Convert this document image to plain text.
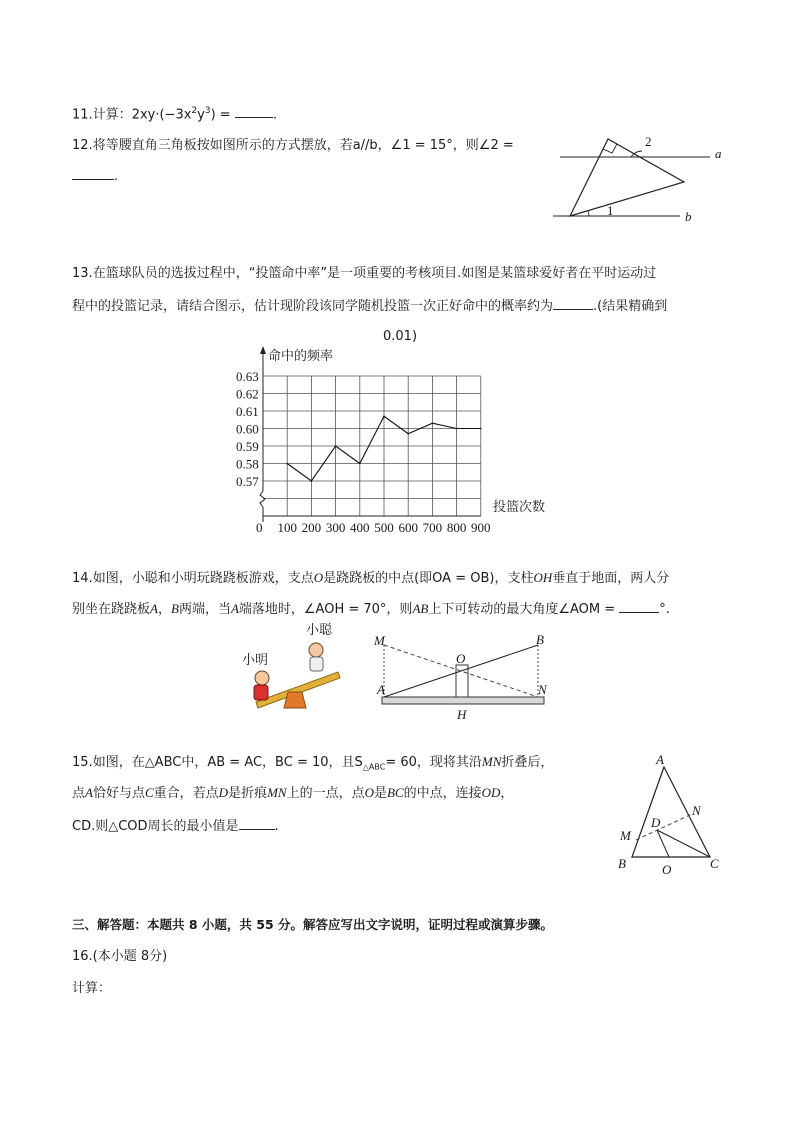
11.计算：$2xy\cdot(-3x^2y^3)$ =	.
12.将等腰直角三角板按如图所示的方式摆放，若a//b，∠1 = 15°，则∠2 =
.
a
b
1
2
13.在篮球队员的选拔过程中，“投篮命中率”是一项重要的考核项目.如图是某篮球爱好者在平时运动过
程中的投篮记录，请结合图示，估计现阶段该同学随机投篮一次正好命中的概率约为	.(结果精确到
0.01)
0.63
0.62
0.61
0.60
0.59
0.58
0.57
100 200 300 400 500 600 700 800 900
0
命中的频率
投篮次数
14.如图，小聪和小明玩跷跷板游戏，支点O是跷跷板的中点(即OA = OB)，支柱OH垂直于地面，两人分
别坐在跷跷板A，B两端，当A端落地时，∠AOH = 70°，则AB上下可转动的最大角度∠AOM =	°.
小聪
小明
M	B
O
A	N
H
15.如图，在△ABC中，AB = AC，BC = 10，且$S_{\triangle ABC}= 60$，现将其沿MN折叠后，
点A恰好与点C重合，若点D是折痕MN上的一点，点O是BC的中点，连接OD，
CD.则△COD周长的最小值是	.
A
N
M
D
B	O	C
三、解答题：本题共 8 小题，共 55 分。解答应写出文字说明，证明过程或演算步骤。
16.(本小题 8分)
计算：
